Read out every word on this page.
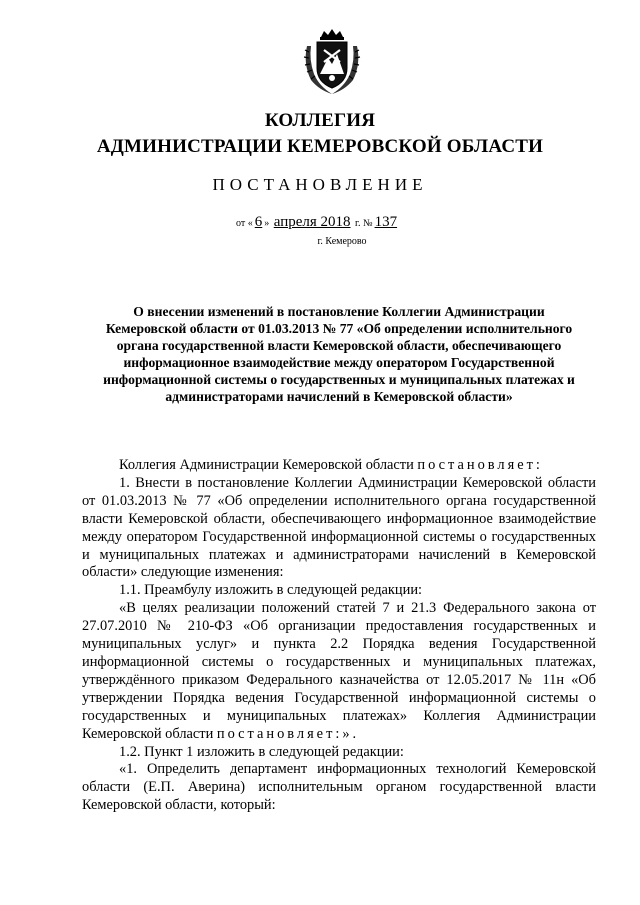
КОЛЛЕГИЯ
АДМИНИСТРАЦИИ КЕМЕРОВСКОЙ ОБЛАСТИ
ПОСТАНОВЛЕНИЕ
от « 6 » апреля 2018 г. № 137
г. Кемерово
О внесении изменений в постановление Коллегии Администрации Кемеровской области от 01.03.2013 № 77 «Об определении исполнительного органа государственной власти Кемеровской области, обеспечивающего информационное взаимодействие между оператором Государственной информационной системы о государственных и муниципальных платежах и администраторами начислений в Кемеровской области»

Коллегия Администрации Кемеровской области постановляет:

1. Внести в постановление Коллегии Администрации Кемеровской области от 01.03.2013 № 77 «Об определении исполнительного органа государственной власти Кемеровской области, обеспечивающего информационное взаимодействие между оператором Государственной информационной системы о государственных и муниципальных платежах и администраторами начислений в Кемеровской области» следующие изменения:

1.1. Преамбулу изложить в следующей редакции:

«В целях реализации положений статей 7 и 21.3 Федерального закона от 27.07.2010 № 210-ФЗ «Об организации предоставления государственных и муниципальных услуг» и пункта 2.2 Порядка ведения Государственной информационной системы о государственных и муниципальных платежах, утверждённого приказом Федерального казначейства от 12.05.2017 № 11н «Об утверждении Порядка ведения Государственной информационной системы о государственных и муниципальных платежах» Коллегия Администрации Кемеровской области постановляет:».

1.2. Пункт 1 изложить в следующей редакции:

«1. Определить департамент информационных технологий Кемеровской области (Е.П. Аверина) исполнительным органом государственной власти Кемеровской области, который:
